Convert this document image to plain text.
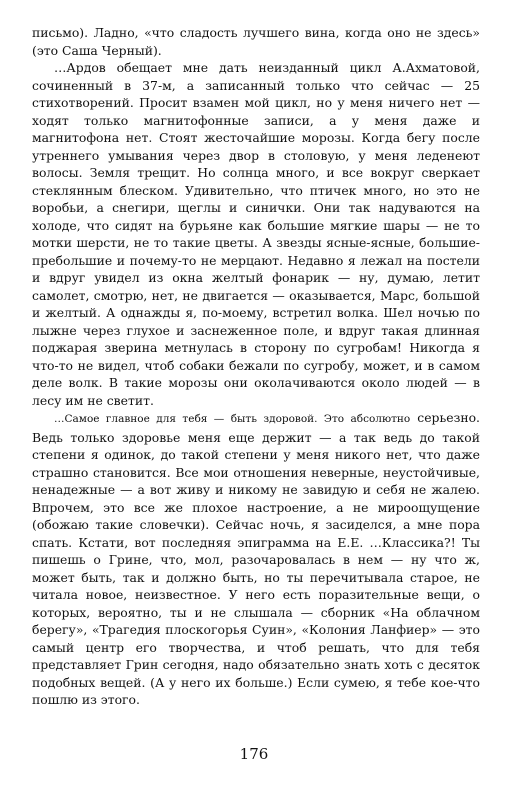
письмо). Ладно, «что сладость лучшего вина, когда оно не здесь» (это Саша Черный).

…Ардов обещает мне дать неизданный цикл А.Ахматовой, сочиненный в 37-м, а записанный только что сейчас — 25 стихотворений. Просит взамен мой цикл, но у меня ничего нет — ходят только магнитофонные записи, а у меня даже и магнитофона нет. Стоят жесточайшие морозы. Когда бегу после утреннего умывания через двор в столовую, у меня леденеют волосы. Земля трещит. Но солнца много, и все вокруг сверкает стеклянным блеском. Удивительно, что птичек много, но это не воробьи, а снегири, щеглы и синички. Они так надуваются на холоде, что сидят на бурьяне как большие мягкие шары — не то мотки шерсти, не то такие цветы. А звезды ясные-ясные, большие-пребольшие и почему-то не мерцают. Недавно я лежал на постели и вдруг увидел из окна желтый фонарик — ну, думаю, летит самолет, смотрю, нет, не двигается — оказывается, Марс, большой и желтый. А однажды я, по-моему, встретил волка. Шел ночью по лыжне через глухое и заснеженное поле, и вдруг такая длинная поджарая зверина метнулась в сторону по сугробам! Никогда я что-то не видел, чтоб собаки бежали по сугробу, может, и в самом деле волк. В такие морозы они околачиваются около людей — в лесу им не светит.

…Самое главное для тебя — быть здоровой. Это абсолютно серьезно. Ведь только здоровье меня еще держит — а так ведь до такой степени я одинок, до такой степени у меня никого нет, что даже страшно становится. Все мои отношения неверные, неустойчивые, ненадежные — а вот живу и никому не завидую и себя не жалею. Впрочем, это все же плохое настроение, а не мироощущение (обожаю такие словечки). Сейчас ночь, я засиделся, а мне пора спать. Кстати, вот последняя эпиграмма на Е.Е. …Классика?! Ты пишешь о Грине, что, мол, разочаровалась в нем — ну что ж, может быть, так и должно быть, но ты перечитывала старое, не читала новое, неизвестное. У него есть поразительные вещи, о которых, вероятно, ты и не слышала — сборник «На облачном берегу», «Трагедия плоскогорья Суин», «Колония Ланфиер» — это самый центр его творчества, и чтоб решать, что для тебя представляет Грин сегодня, надо обязательно знать хоть с десяток подобных вещей. (А у него их больше.) Если сумею, я тебе кое-что пошлю из этого.

176
